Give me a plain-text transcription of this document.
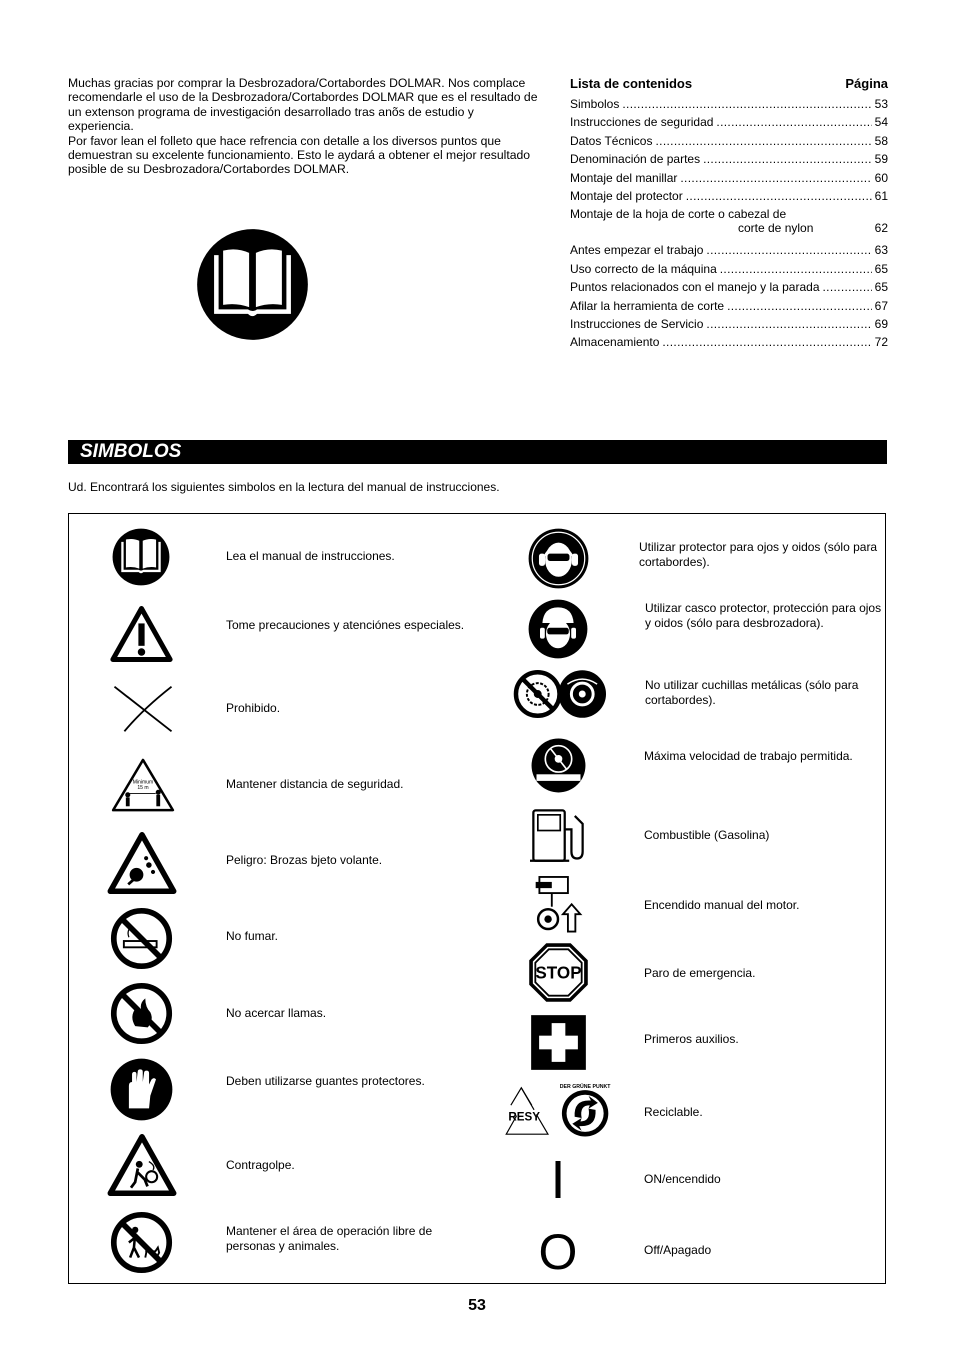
Muchas gracias por comprar la Desbrozadora/Cortabordes DOLMAR. Nos complace recomendarle el uso de la Desbrozadora/Cortabordes DOLMAR que es el resultado de un extenson programa de investigación desarrollado tras anõs de estudio y experiencia.

Por favor lean el folleto que hace refrencia con detalle a los diversos puntos que demuestran su excelente funcionamiento. Esto le aydará a obtener el mejor resultado posible de su Desbrozadora/Cortabordes DOLMAR.

Lista de contenidos	Página
Simbolos . . .	53
Instrucciones de seguridad . . .	54
Datos Técnicos . . .	58
Denominación de partes . . .	59
Montaje del manillar . . .	60
Montaje del protector . . .	61
Montaje de la hoja de corte o cabezal de
corte de nylon	62
Antes empezar el trabajo . . .	63
Uso correcto de la máquina . . .	65
Puntos relacionados con el manejo y la parada . . .	65
Afilar la herramienta de corte . . .	67
Instrucciones de Servicio . . .	69
Almacenamiento . . .	72
SIMBOLOS
Ud. Encontrará los siguientes simbolos en la lectura del manual de instrucciones.
Lea el manual de instrucciones.
Tome precauciones y atenciónes especiales.
Prohibido.
Minimum
15 m	Mantener distancia de seguridad.
Peligro: Brozas bjeto volante.
No fumar.
No acercar llamas.
Deben utilizarse guantes protectores.
Contragolpe.
Mantener el área de operación libre de personas y animales.
Utilizar protector para ojos y oidos (sólo para cortabordes).
Utilizar casco protector, protección para ojos y oidos (sólo para desbrozadora).
No utilizar cuchillas metálicas (sólo para cortabordes).
Máxima velocidad de trabajo permitida.
Combustible (Gasolina)
Encendido manual del motor.
STOP	Paro de emergencia.
Primeros auxilios.
RESY
DER GRÜNE PUNKT
Reciclable.
I	ON/encendido
O	Off/Apagado
53
